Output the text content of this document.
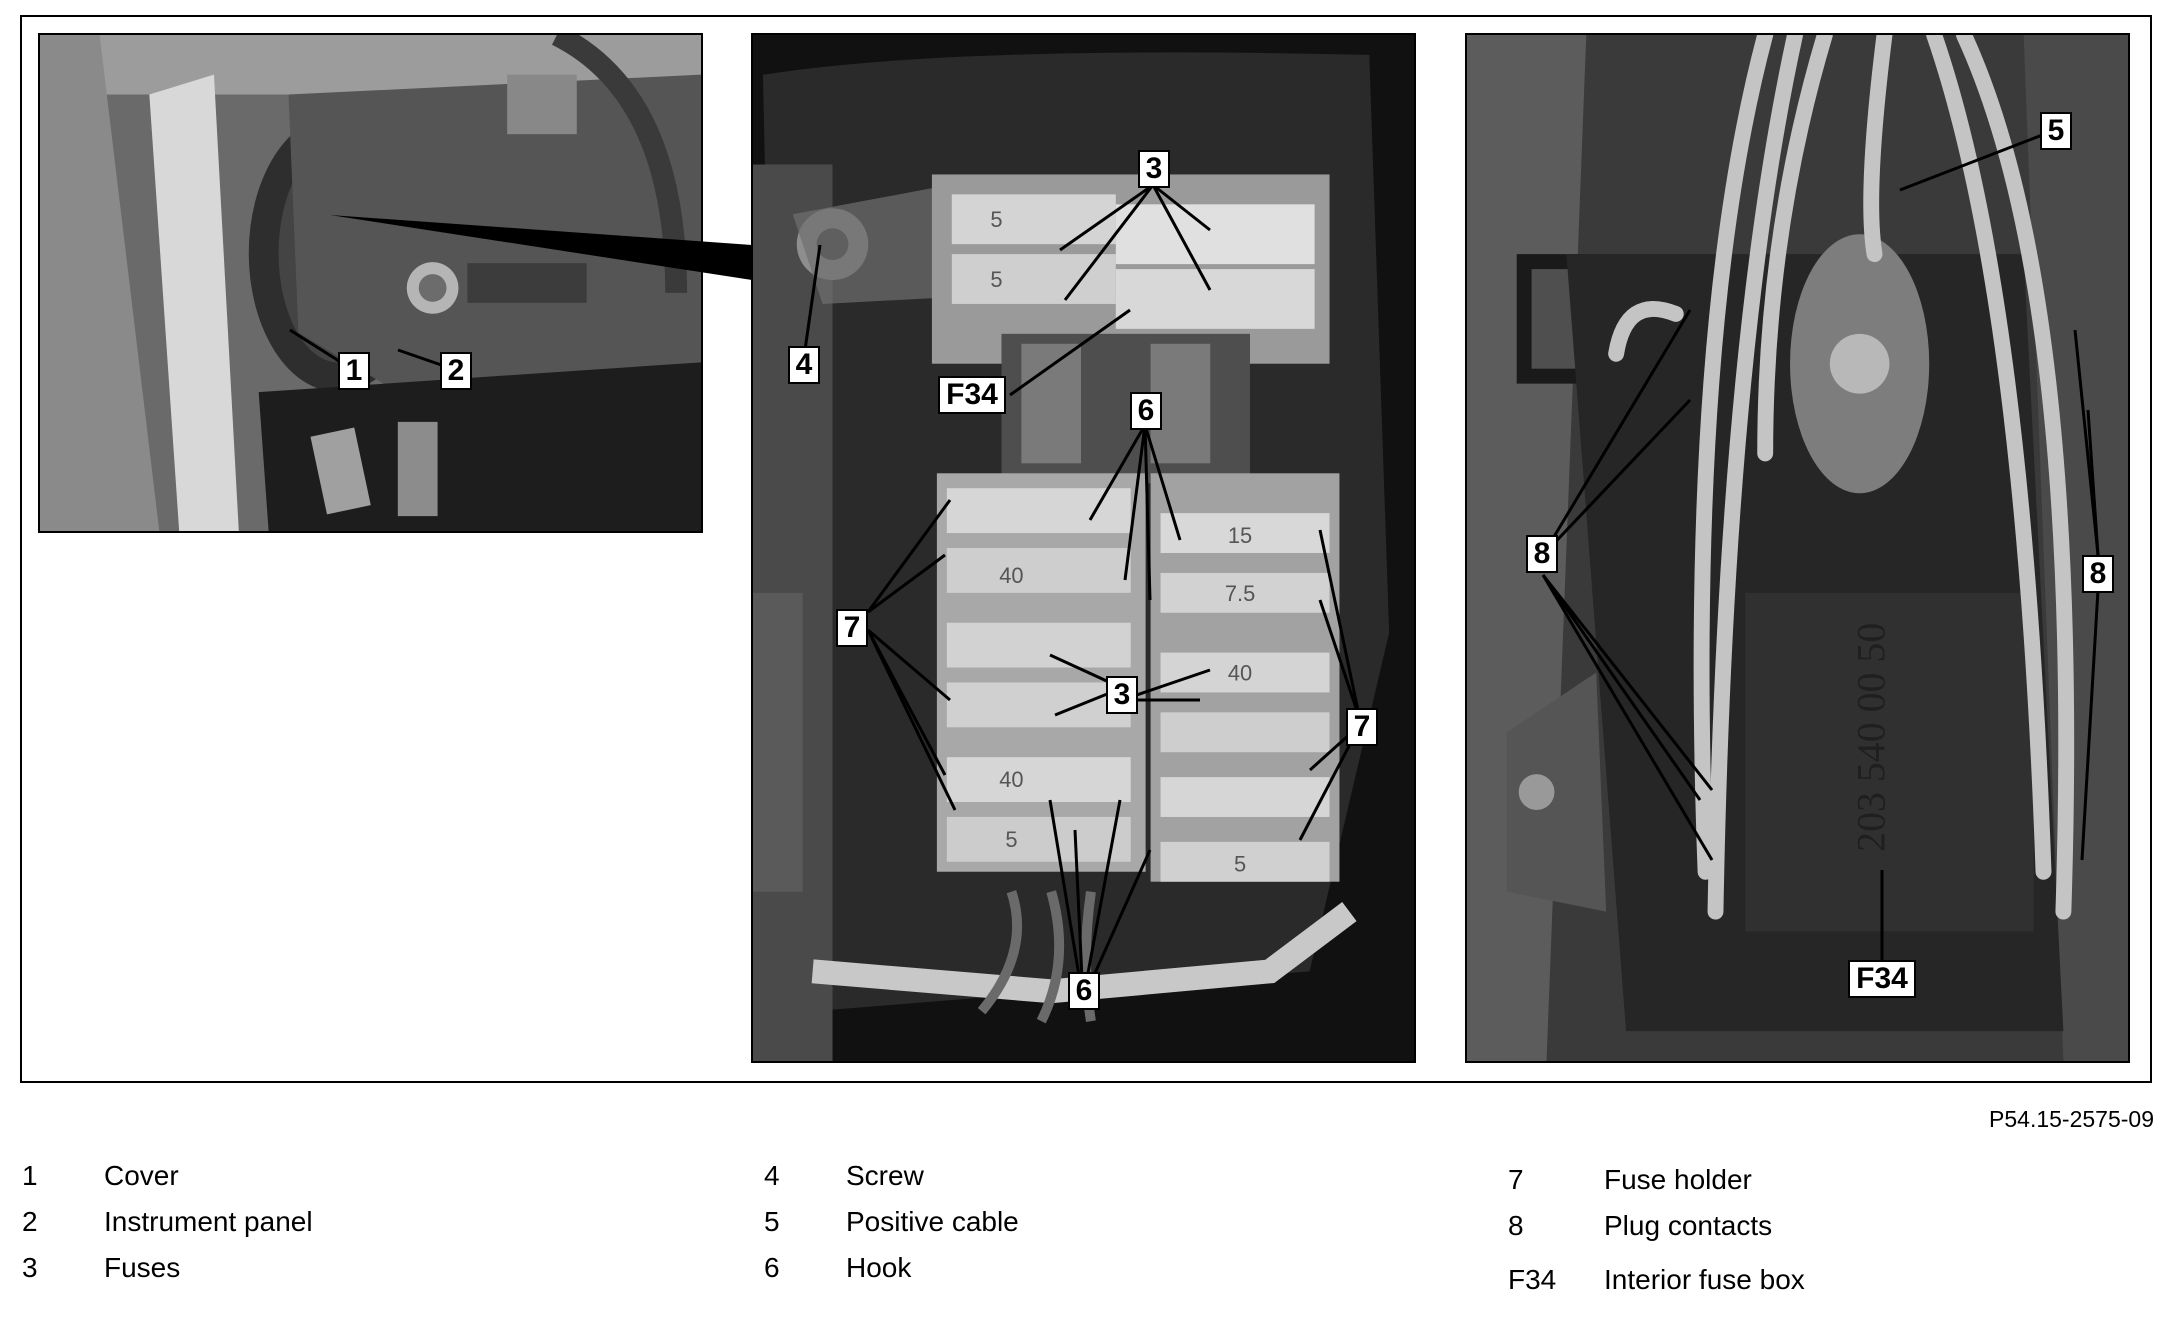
5
5
40
15
7.5
40
40
5
5
203 540 00 50
1	2
3
4
F34	6
7
3
7
6
5
8
8
F34
P54.15-2575-09
1 Cover
2 Instrument panel
3 Fuses
4 Screw
5 Positive cable
6 Hook
7	Fuse holder
8	Plug contacts
F34 Interior fuse box
